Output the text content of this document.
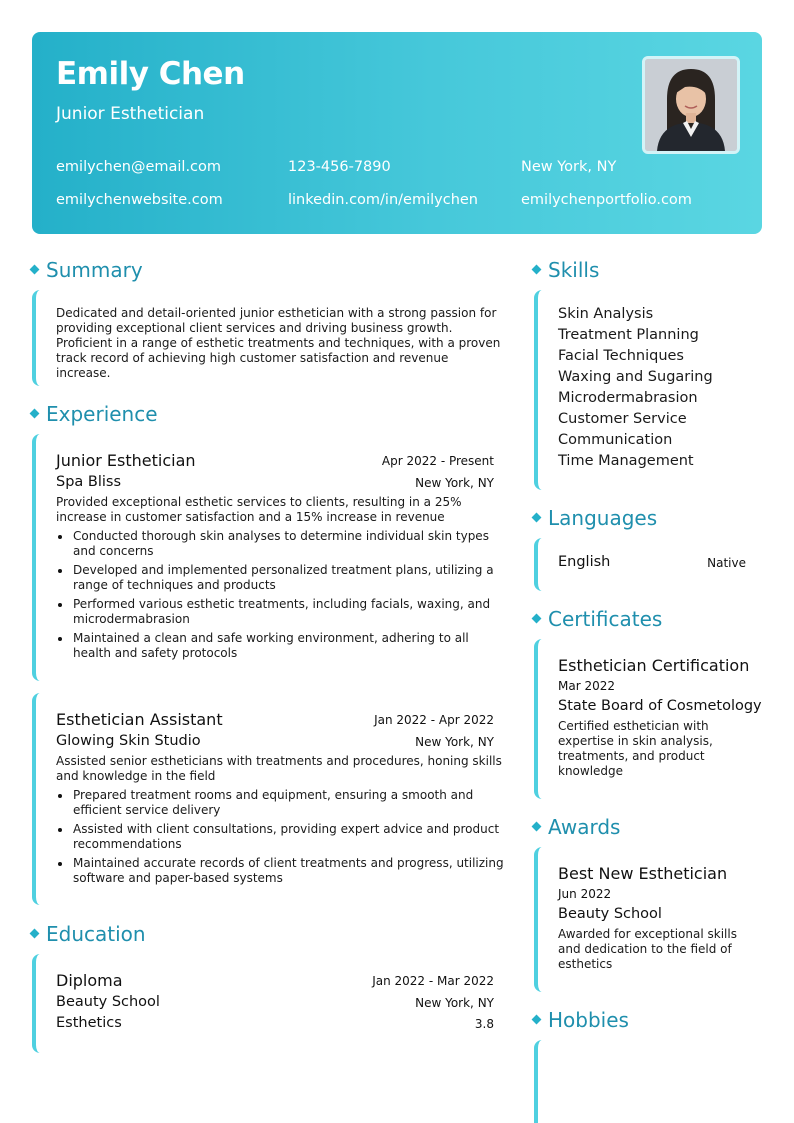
Emily Chen
Junior Esthetician
emilychen@email.com	123-456-7890	New York, NY
emilychenwebsite.com	linkedin.com/in/emilychen	emilychenportfolio.com
Summary
Dedicated and detail-oriented junior esthetician with a strong passion for providing exceptional client services and driving business growth. Proficient in a range of esthetic treatments and techniques, with a proven track record of achieving high customer satisfaction and revenue increase.
Experience
Junior Esthetician	Apr 2022 - Present
Spa Bliss	New York, NY
Provided exceptional esthetic services to clients, resulting in a 25% increase in customer satisfaction and a 15% increase in revenue
Conducted thorough skin analyses to determine individual skin types and concerns
Developed and implemented personalized treatment plans, utilizing a range of techniques and products
Performed various esthetic treatments, including facials, waxing, and microdermabrasion
Maintained a clean and safe working environment, adhering to all health and safety protocols
Esthetician Assistant	Jan 2022 - Apr 2022
Glowing Skin Studio	New York, NY
Assisted senior estheticians with treatments and procedures, honing skills and knowledge in the field
Prepared treatment rooms and equipment, ensuring a smooth and efficient service delivery
Assisted with client consultations, providing expert advice and product recommendations
Maintained accurate records of client treatments and progress, utilizing software and paper-based systems
Education
Diploma	Jan 2022 - Mar 2022
Beauty School	New York, NY
Esthetics	3.8
Skills
Skin Analysis
Treatment Planning
Facial Techniques
Waxing and Sugaring
Microdermabrasion
Customer Service
Communication
Time Management
Languages
English	Native
Certificates
Esthetician Certification
Mar 2022
State Board of Cosmetology
Certified esthetician with expertise in skin analysis, treatments, and product knowledge
Awards
Best New Esthetician
Jun 2022
Beauty School
Awarded for exceptional skills and dedication to the field of esthetics
Hobbies
